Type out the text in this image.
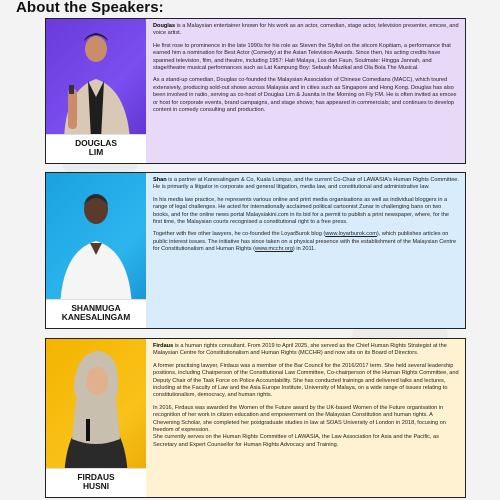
About the Speakers:
DOUGLAS
LIM

Douglas is a Malaysian entertainer known for his work as an actor, comedian, stage actor, television presenter, emcee, and voice artist.

He first rose to prominence in the late 1990s for his role as Steven the Stylist on the sitcom Kopitiam, a performance that earned him a nomination for Best Actor (Comedy) at the Asian Television Awards. Since then, his acting credits have spanned television, film, and theatre, including 1957: Hati Malaya, Los dan Faun, Soulmate: Hingga Jannah, and stage/theatre musical performances such as Lat Kampung Boy: Sebuah Muzikal and Ola Bola The Musical.

As a stand-up comedian, Douglas co-founded the Malaysian Association of Chinese Comedians (MACC), which toured extensively, producing sold-out shows across Malaysia and in cities such as Singapore and Hong Kong. Douglas has also been involved in radio, serving as co-host of Douglas Lim & Juanita in the Morning on Fly FM. He is often invited as emcee or host for corporate events, brand campaigns, and stage shows; has appeared in commercials; and continues to develop content in comedy consulting and production.

SHANMUGA
KANESALINGAM

Shan is a partner at Kanesalingam & Co, Kuala Lumpur, and the current Co-Chair of LAWASIA's Human Rights Committee. He is primarily a litigator in corporate and general litigation, media law, and constitutional and administrative law.

In his media law practice, he represents various online and print media organisations as well as individual bloggers in a range of legal challenges. He acted for internationally acclaimed political cartoonist Zunar in challenging bans on two books, and for the online news portal Malaysiakini.com in its bid for a permit to publish a print newspaper, where, for the first time, the Malaysian courts recognised a constitutional right to a free press.

Together with five other lawyers, he co-founded the LoyarBurok blog (www.loyarburok.com), which publishes articles on public interest issues. The initiative has since taken on a physical presence with the establishment of the Malaysian Centre for Constitutionalism and Human Rights (www.mcchr.org) in 2011.

FIRDAUS
HUSNI

Firdaus is a human rights consultant. From 2019 to April 2025, she served as the Chief Human Rights Strategist at the Malaysian Centre for Constitutionalism and Human Rights (MCCHR) and now sits on its Board of Directors.

A former practising lawyer, Firdaus was a member of the Bar Council for the 2016/2017 term. She held several leadership positions, including Chairperson of the Constitutional Law Committee, Co-chairperson of the Human Rights Committee, and Deputy Chair of the Task Force on Police Accountability. She has conducted trainings and delivered talks and lectures, including at the Faculty of Law and the Asia Europe Institute, University of Malaya, on a wide range of issues relating to constitutionalism, democracy, and human rights.

In 2016, Firdaus was awarded the Women of the Future award by the UK-based Women of the Future organisation in recognition of her work in citizen education and empowerment on the Malaysian Constitution and human rights. A Chevening Scholar, she completed her postgraduate studies in law at SOAS University of London in 2018, focusing on freedom of expression.

She currently serves on the Human Rights Committee of LAWASIA, the Law Association for Asia and the Pacific, as Secretary and Expert Counsellor for Human Rights Advocacy and Training.
